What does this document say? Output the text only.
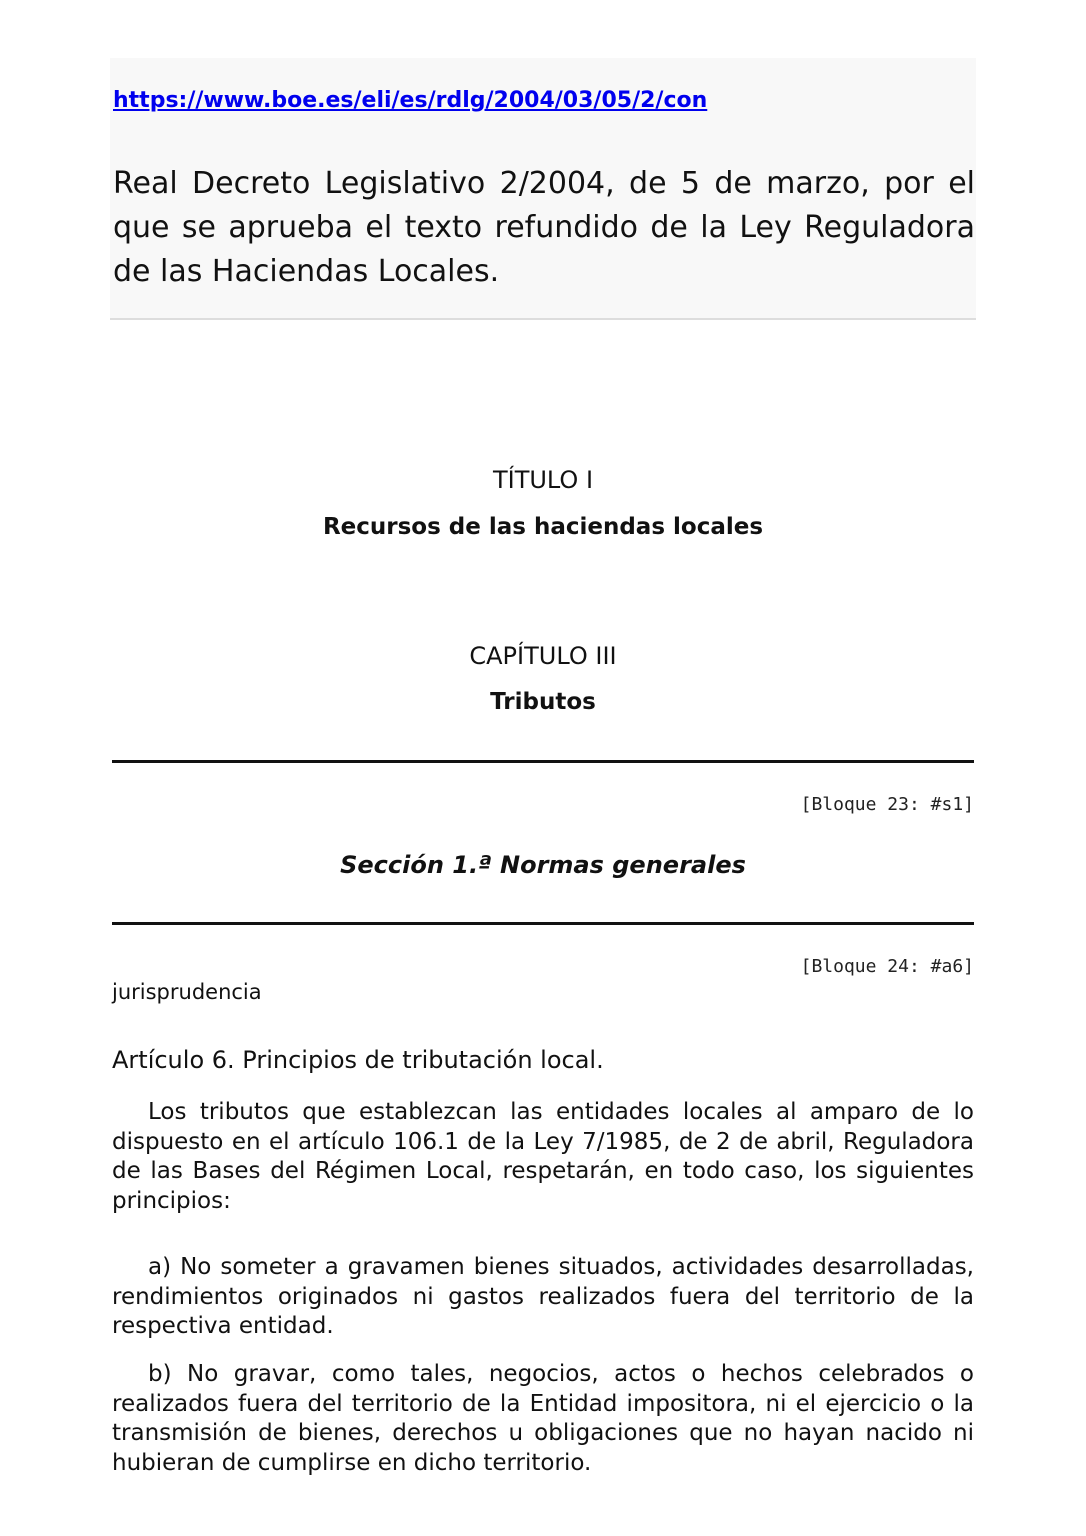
https://www.boe.es/eli/es/rdlg/2004/03/05/2/con
Real Decreto Legislativo 2/2004, de 5 de marzo, por el que se aprueba el texto refundido de la Ley Reguladora de las Haciendas Locales.
TÍTULO I
Recursos de las haciendas locales
CAPÍTULO III
Tributos
[Bloque 23: #s1]
Sección 1.ª Normas generales
[Bloque 24: #a6]
jurisprudencia
Artículo 6. Principios de tributación local.

Los tributos que establezcan las entidades locales al amparo de lo dispuesto en el artículo 106.1 de la Ley 7/1985, de 2 de abril, Reguladora de las Bases del Régimen Local, respetarán, en todo caso, los siguientes principios:

a) No someter a gravamen bienes situados, actividades desarrolladas, rendimientos originados ni gastos realizados fuera del territorio de la respectiva entidad.

b) No gravar, como tales, negocios, actos o hechos celebrados o realizados fuera del territorio de la Entidad impositora, ni el ejercicio o la transmisión de bienes, derechos u obligaciones que no hayan nacido ni hubieran de cumplirse en dicho territorio.
